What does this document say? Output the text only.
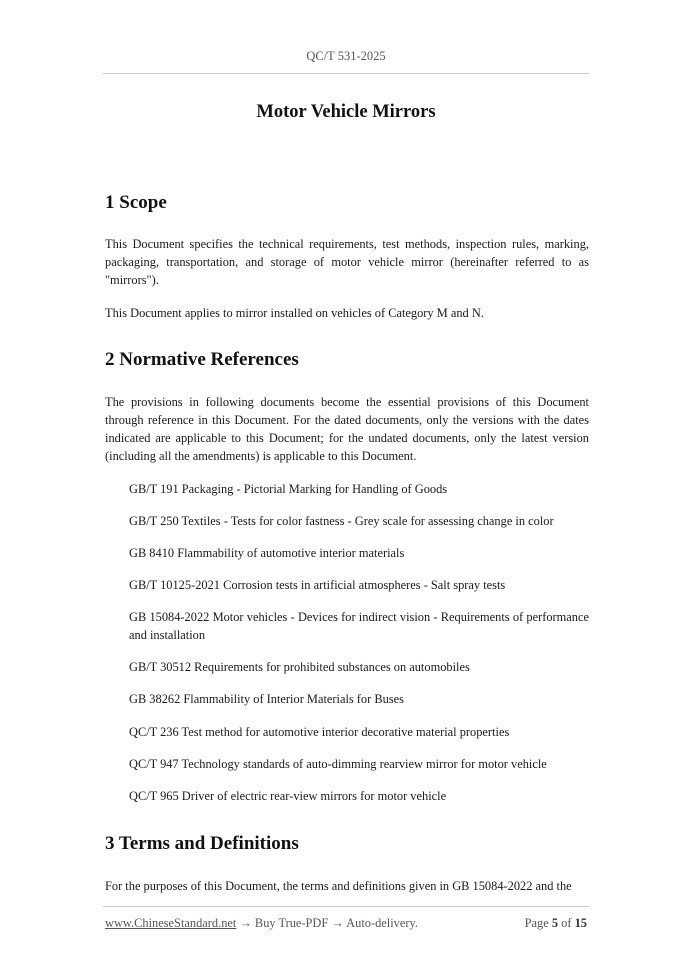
QC/T 531-2025
Motor Vehicle Mirrors
1 Scope
This Document specifies the technical requirements, test methods, inspection rules, marking, packaging, transportation, and storage of motor vehicle mirror (hereinafter referred to as "mirrors").
This Document applies to mirror installed on vehicles of Category M and N.
2 Normative References
The provisions in following documents become the essential provisions of this Document through reference in this Document. For the dated documents, only the versions with the dates indicated are applicable to this Document; for the undated documents, only the latest version (including all the amendments) is applicable to this Document.
GB/T 191 Packaging - Pictorial Marking for Handling of Goods
GB/T 250 Textiles - Tests for color fastness - Grey scale for assessing change in color
GB 8410 Flammability of automotive interior materials
GB/T 10125-2021 Corrosion tests in artificial atmospheres - Salt spray tests
GB 15084-2022 Motor vehicles - Devices for indirect vision - Requirements of performance and installation
GB/T 30512 Requirements for prohibited substances on automobiles
GB 38262 Flammability of Interior Materials for Buses
QC/T 236 Test method for automotive interior decorative material properties
QC/T 947 Technology standards of auto-dimming rearview mirror for motor vehicle
QC/T 965 Driver of electric rear-view mirrors for motor vehicle
3 Terms and Definitions
For the purposes of this Document, the terms and definitions given in GB 15084-2022 and the
www.ChineseStandard.net → Buy True-PDF → Auto-delivery.	Page 5 of 15
